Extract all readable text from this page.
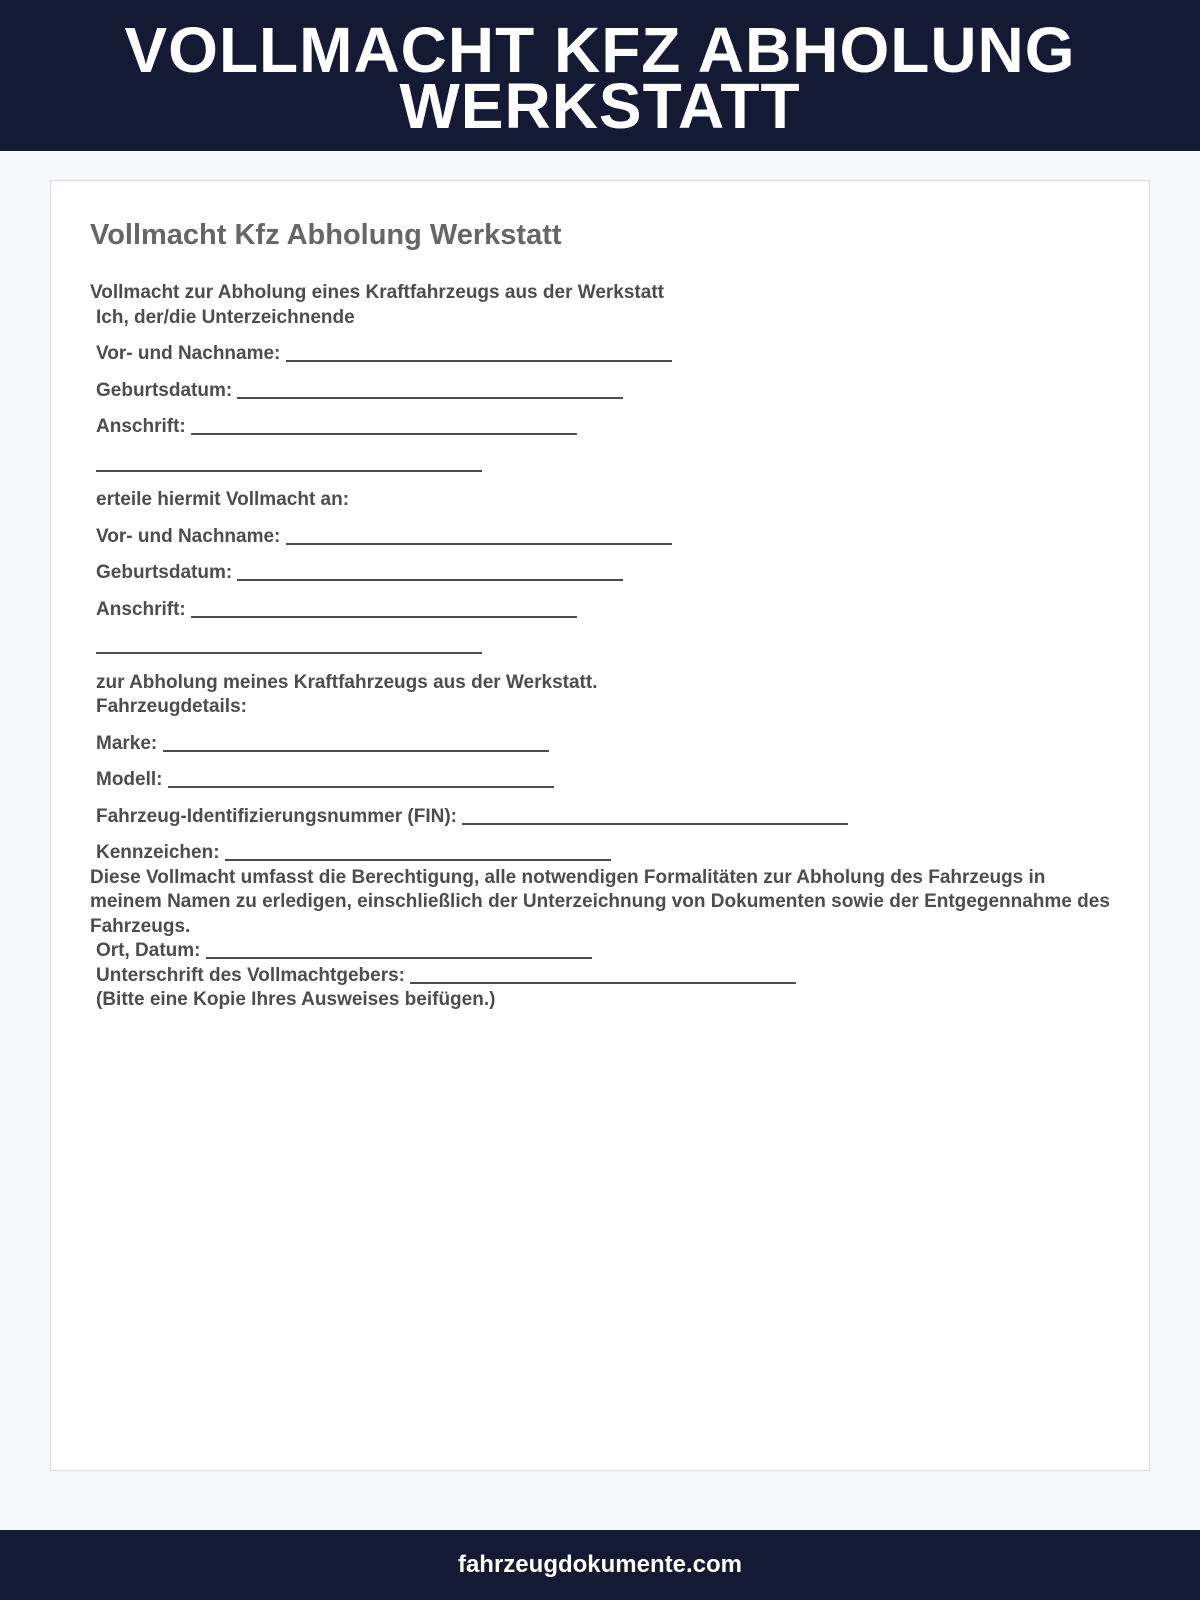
VOLLMACHT KFZ ABHOLUNG WERKSTATT
Vollmacht Kfz Abholung Werkstatt
Vollmacht zur Abholung eines Kraftfahrzeugs aus der Werkstatt
Ich, der/die Unterzeichnende
Vor- und Nachname:
Geburtsdatum:
Anschrift:
erteile hiermit Vollmacht an:
Vor- und Nachname:
Geburtsdatum:
Anschrift:
zur Abholung meines Kraftfahrzeugs aus der Werkstatt.
Fahrzeugdetails:
Marke:
Modell:
Fahrzeug-Identifizierungsnummer (FIN):
Kennzeichen:
Diese Vollmacht umfasst die Berechtigung, alle notwendigen Formalitäten zur Abholung des Fahrzeugs in meinem Namen zu erledigen, einschließlich der Unterzeichnung von Dokumenten sowie der Entgegennahme des Fahrzeugs.
Ort, Datum:
Unterschrift des Vollmachtgebers:
(Bitte eine Kopie Ihres Ausweises beifügen.)
fahrzeugdokumente.com
